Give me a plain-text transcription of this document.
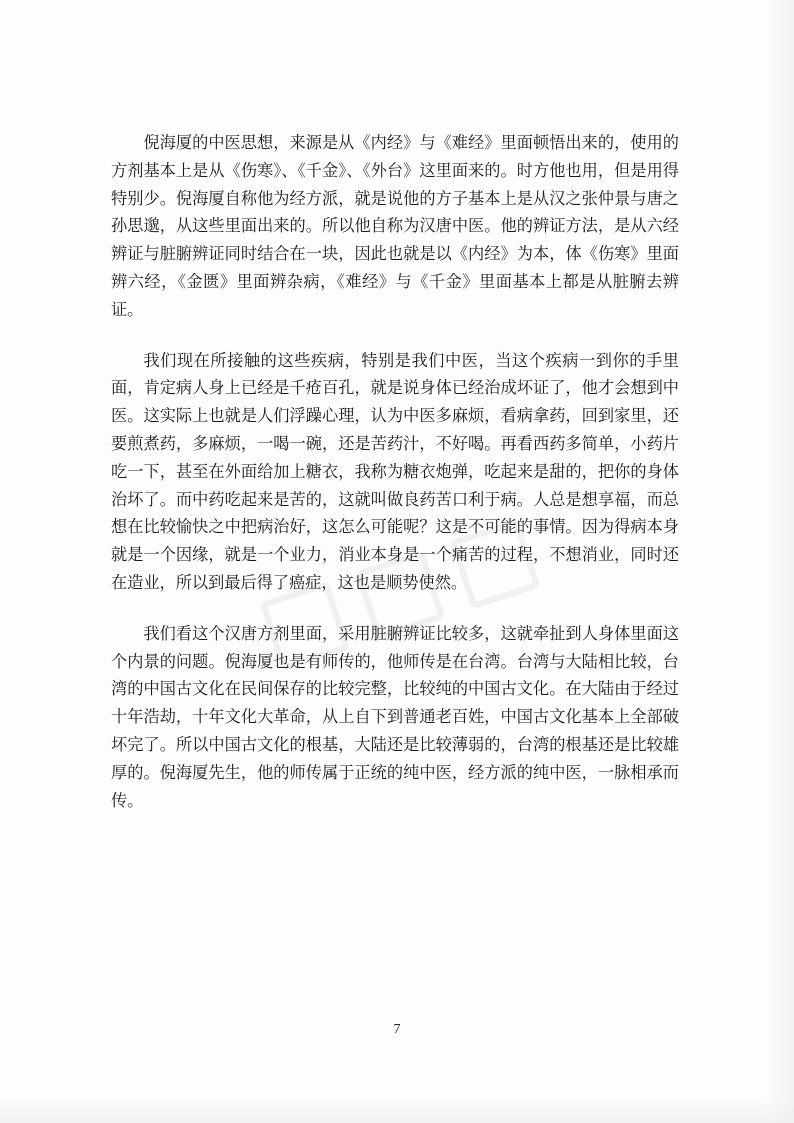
倪海厦的中医思想，来源是从《内经》与《难经》里面顿悟出来的，使用的方剂基本上是从《伤寒》、《千金》、《外台》这里面来的。时方他也用，但是用得特别少。倪海厦自称他为经方派，就是说他的方子基本上是从汉之张仲景与唐之孙思邈，从这些里面出来的。所以他自称为汉唐中医。他的辨证方法，是从六经辨证与脏腑辨证同时结合在一块，因此也就是以《内经》为本，体《伤寒》里面辨六经，《金匮》里面辨杂病，《难经》与《千金》里面基本上都是从脏腑去辨证。

我们现在所接触的这些疾病，特别是我们中医，当这个疾病一到你的手里面，肯定病人身上已经是千疮百孔，就是说身体已经治成坏证了，他才会想到中医。这实际上也就是人们浮躁心理，认为中医多麻烦，看病拿药，回到家里，还要煎煮药，多麻烦，一喝一碗，还是苦药汁，不好喝。再看西药多简单，小药片吃一下，甚至在外面给加上糖衣，我称为糖衣炮弹，吃起来是甜的，把你的身体治坏了。而中药吃起来是苦的，这就叫做良药苦口利于病。人总是想享福，而总想在比较愉快之中把病治好，这怎么可能呢？这是不可能的事情。因为得病本身就是一个因缘，就是一个业力，消业本身是一个痛苦的过程，不想消业，同时还在造业，所以到最后得了癌症，这也是顺势使然。

我们看这个汉唐方剂里面，采用脏腑辨证比较多，这就牵扯到人身体里面这个内景的问题。倪海厦也是有师传的，他师传是在台湾。台湾与大陆相比较，台湾的中国古文化在民间保存的比较完整，比较纯的中国古文化。在大陆由于经过十年浩劫，十年文化大革命，从上自下到普通老百姓，中国古文化基本上全部破坏完了。所以中国古文化的根基，大陆还是比较薄弱的，台湾的根基还是比较雄厚的。倪海厦先生，他的师传属于正统的纯中医，经方派的纯中医，一脉相承而传。

7
